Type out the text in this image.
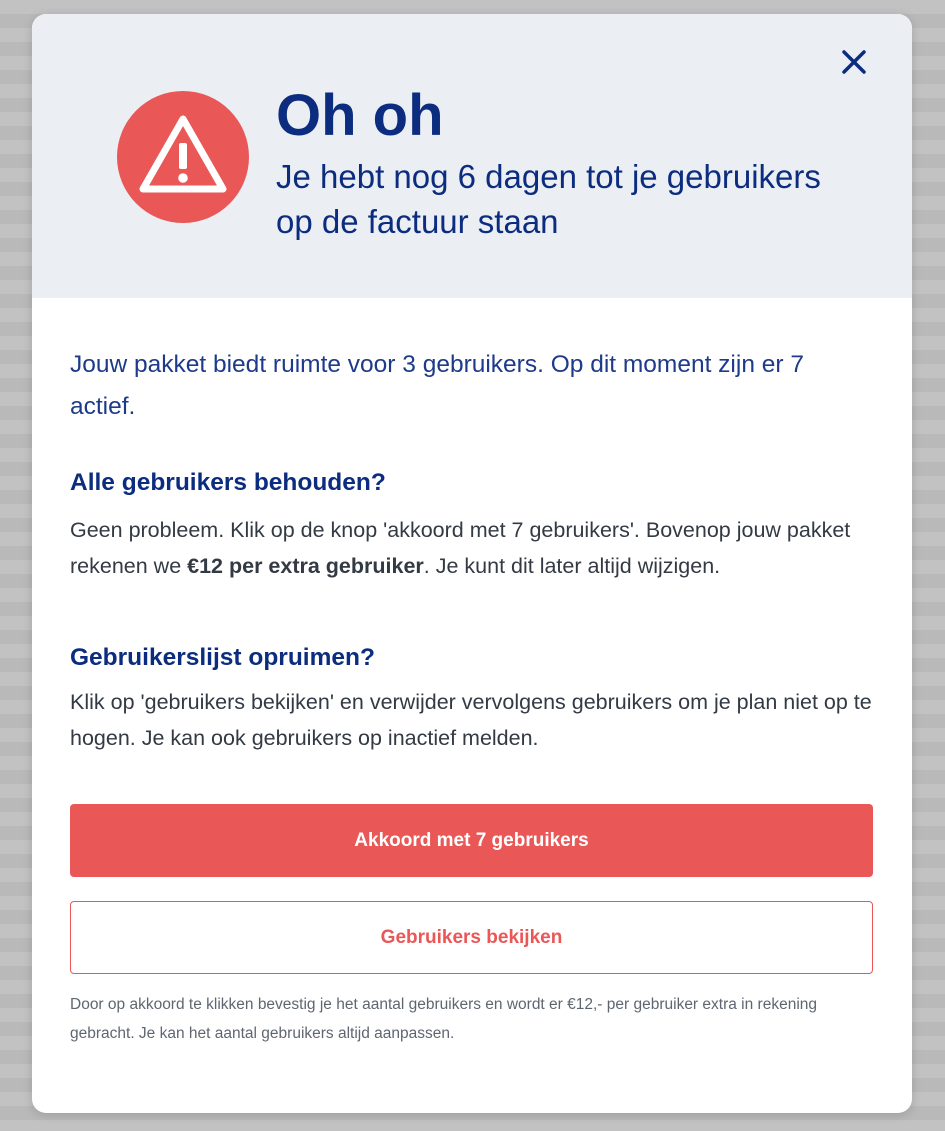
Oh oh

Je hebt nog 6 dagen tot je gebruikers op de factuur staan

Jouw pakket biedt ruimte voor 3 gebruikers. Op dit moment zijn er 7 actief.

Alle gebruikers behouden?

Geen probleem. Klik op de knop 'akkoord met 7 gebruikers'. Bovenop jouw pakket rekenen we €12 per extra gebruiker. Je kunt dit later altijd wijzigen.

Gebruikerslijst opruimen?

Klik op 'gebruikers bekijken' en verwijder vervolgens gebruikers om je plan niet op te hogen. Je kan ook gebruikers op inactief melden.

Akkoord met 7 gebruikers
Gebruikers bekijken

Door op akkoord te klikken bevestig je het aantal gebruikers en wordt er €12,- per gebruiker extra in rekening gebracht. Je kan het aantal gebruikers altijd aanpassen.
